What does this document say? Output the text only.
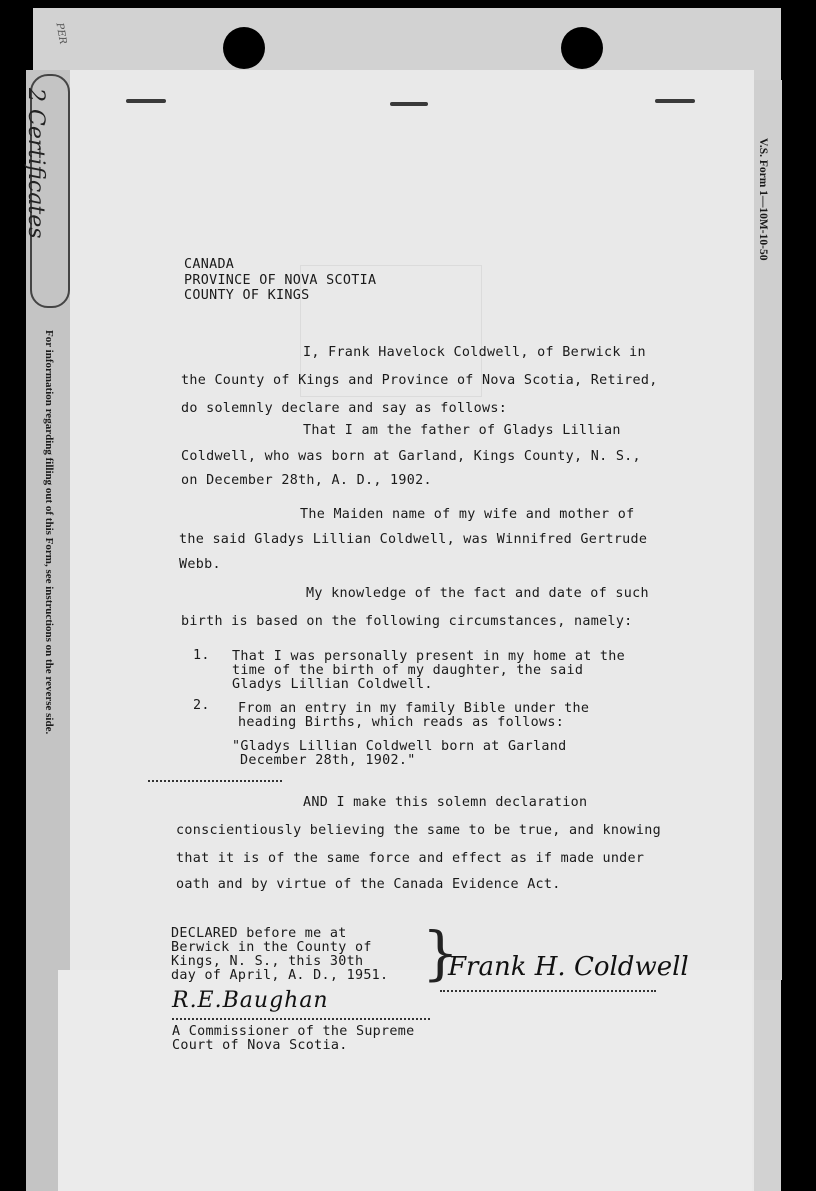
2 Certificates
PER
For information regarding filling out of this Form, see instructions on the reverse side.
V.S. Form 1—10M-10-50
CANADA
PROVINCE OF NOVA SCOTIA
COUNTY OF KINGS
I, Frank Havelock Coldwell, of Berwick in
the County of Kings and Province of Nova Scotia, Retired,
do solemnly declare and say as follows:
That I am the father of Gladys Lillian
Coldwell, who was born at Garland, Kings County, N. S.,
on December 28th, A. D., 1902.
The Maiden name of my wife and mother of
the said Gladys Lillian Coldwell, was Winnifred Gertrude
Webb.
My knowledge of the fact and date of such
birth is based on the following circumstances, namely:
1. That I was personally present in my home at the
time of the birth of my daughter, the said
Gladys Lillian Coldwell.
2. From an entry in my family Bible under the
heading Births, which reads as follows:
"Gladys Lillian Coldwell born at Garland
December 28th, 1902."
AND I make this solemn declaration
conscientiously believing the same to be true, and knowing
that it is of the same force and effect as if made under
oath and by virtue of the Canada Evidence Act.
DECLARED before me at
Berwick in the County of
Kings, N. S., this 30th
day of April, A. D., 1951. }
Frank H. Coldwell
R.E.Baughan
A Commissioner of the Supreme
Court of Nova Scotia.
